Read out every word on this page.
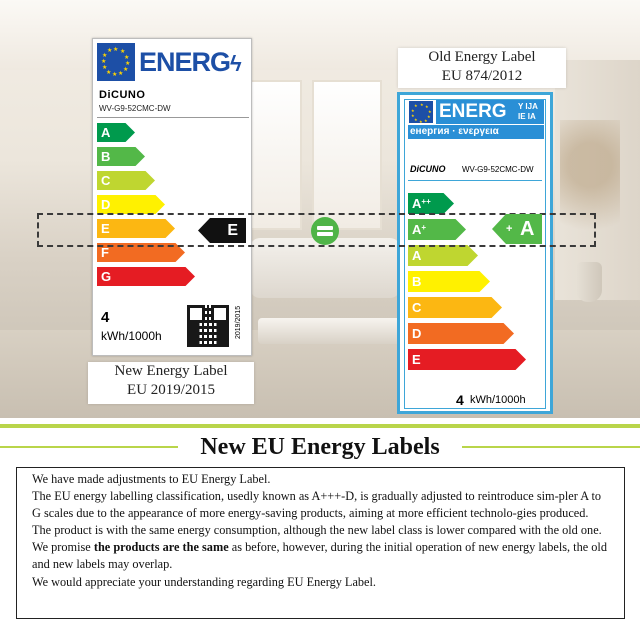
★ ★
★
★
★
★
★
★
★
★
★
★ ENERGϟ
DiCUNO
WV-G9-52CMC-DW
A
B
C
D
E
F
G
4
kWh/1000h	2019/2015
New Energy Label
EU 2019/2015
Old Energy Label
EU 874/2012
★ ★
★
★
★
★
★
★
★
★ ENERG Y IJA
IE IA
енергия · ενεργεια
DiCUNO WV-G9-52CMC-DW
A++
A+
A
B
C
D
E
4 kWh/1000h
E	A
+
New EU Energy Labels

We have made adjustments to EU Energy Label.

The EU energy labelling classification, usedly known as A+++-D, is gradually adjusted to reintroduce sim-pler A to G scales due to the appearance of more energy-saving products, aiming at more efficient technolo-gies produced.

The product is with the same energy consumption, although the new label class is lower compared with the old one.

We promise the products are the same as before, however, during the initial operation of new energy labels, the old and new labels may overlap.

We would appreciate your understanding regarding EU Energy Label.
